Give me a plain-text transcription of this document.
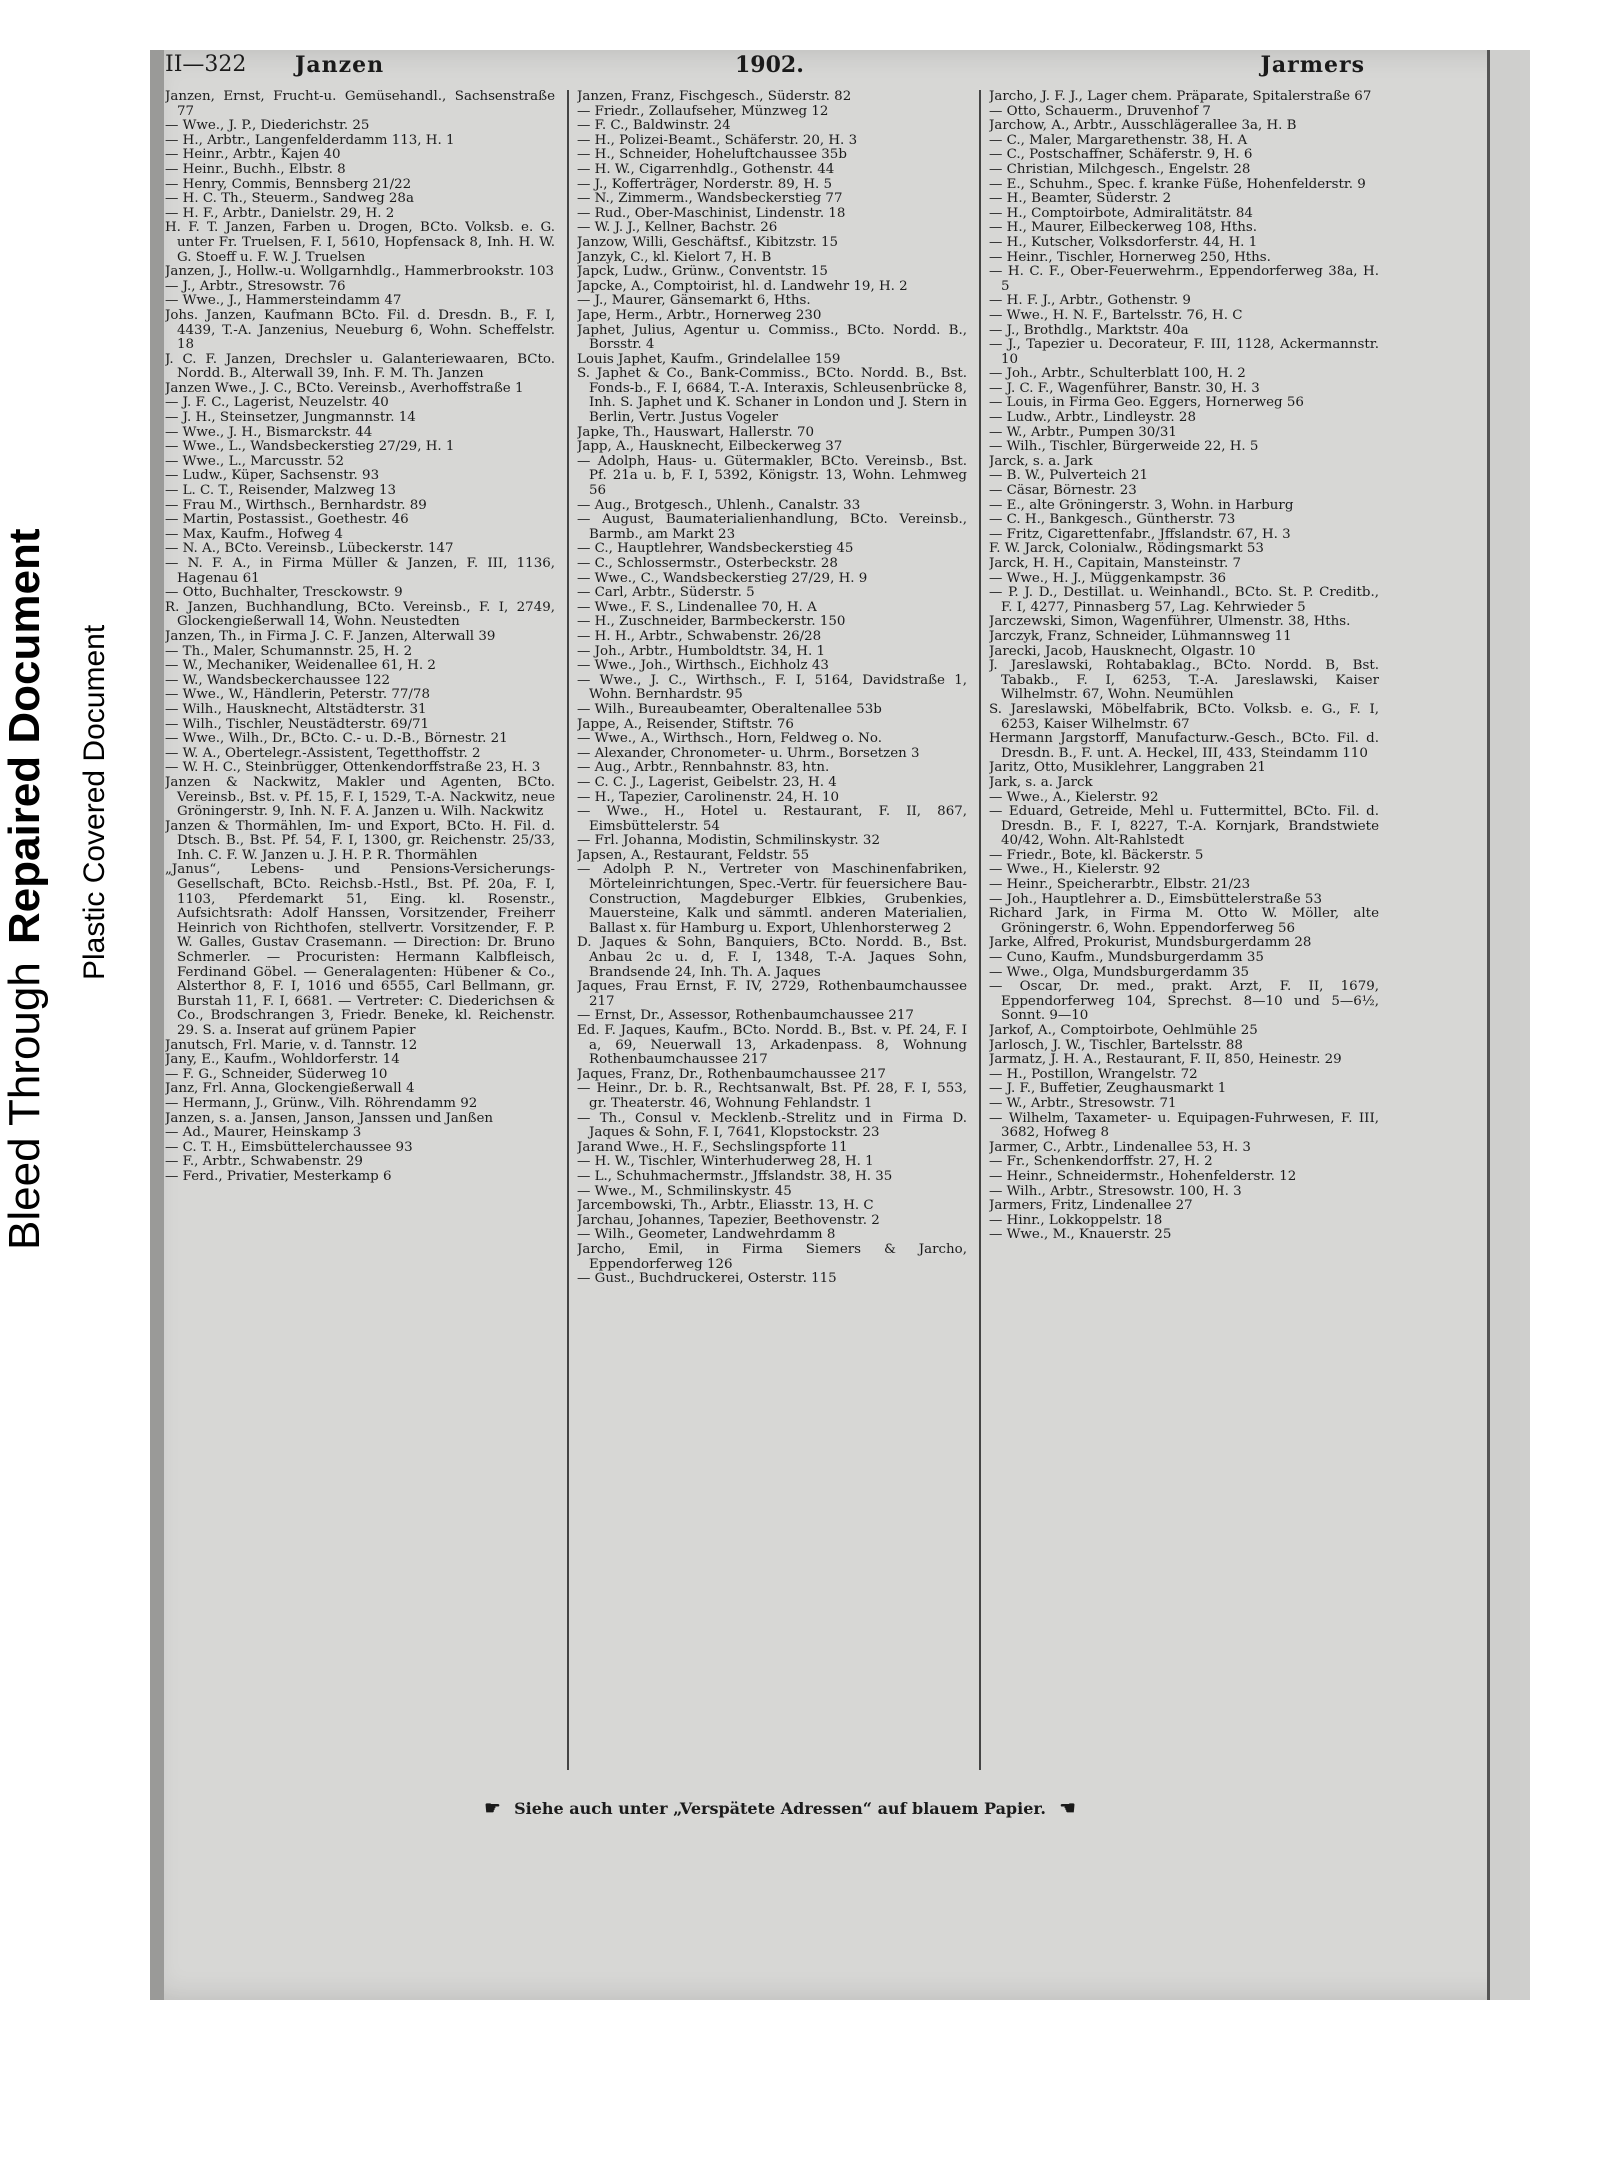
Bleed ThroughRepaired Document Plastic Covered Document
II—322 Janzen	1902.	Jarmers

Janzen, Ernst, Frucht-u. Gemüsehandl., Sachsenstraße 77

— Wwe., J. P., Diederichstr. 25

— H., Arbtr., Langenfelderdamm 113, H. 1

— Heinr., Arbtr., Kajen 40

— Heinr., Buchh., Elbstr. 8

— Henry, Commis, Bennsberg 21/22

— H. C. Th., Steuerm., Sandweg 28a

— H. F., Arbtr., Danielstr. 29, H. 2

H. F. T. Janzen, Farben u. Drogen, BCto. Volksb. e. G. unter Fr. Truelsen, F. I, 5610, Hopfensack 8, Inh. H. W. G. Stoeff u. F. W. J. Truelsen

Janzen, J., Hollw.-u. Wollgarnhdlg., Hammerbrookstr. 103

— J., Arbtr., Stresowstr. 76

— Wwe., J., Hammersteindamm 47

Johs. Janzen, Kaufmann BCto. Fil. d. Dresdn. B., F. I, 4439, T.-A. Janzenius, Neueburg 6, Wohn. Scheffelstr. 18

J. C. F. Janzen, Drechsler u. Galanteriewaaren, BCto. Nordd. B., Alterwall 39, Inh. F. M. Th. Janzen

Janzen Wwe., J. C., BCto. Vereinsb., Averhoffstraße 1

— J. F. C., Lagerist, Neuzelstr. 40

— J. H., Steinsetzer, Jungmannstr. 14

— Wwe., J. H., Bismarckstr. 44

— Wwe., L., Wandsbeckerstieg 27/29, H. 1

— Wwe., L., Marcusstr. 52

— Ludw., Küper, Sachsenstr. 93

— L. C. T., Reisender, Malzweg 13

— Frau M., Wirthsch., Bernhardstr. 89

— Martin, Postassist., Goethestr. 46

— Max, Kaufm., Hofweg 4

— N. A., BCto. Vereinsb., Lübeckerstr. 147

— N. F. A., in Firma Müller & Janzen, F. III, 1136, Hagenau 61

— Otto, Buchhalter, Tresckowstr. 9

R. Janzen, Buchhandlung, BCto. Vereinsb., F. I, 2749, Glockengießerwall 14, Wohn. Neustedten

Janzen, Th., in Firma J. C. F. Janzen, Alterwall 39

— Th., Maler, Schumannstr. 25, H. 2

— W., Mechaniker, Weidenallee 61, H. 2

— W., Wandsbeckerchaussee 122

— Wwe., W., Händlerin, Peterstr. 77/78

— Wilh., Hausknecht, Altstädterstr. 31

— Wilh., Tischler, Neustädterstr. 69/71

— Wwe., Wilh., Dr., BCto. C.- u. D.-B., Börnestr. 21

— W. A., Obertelegr.-Assistent, Tegetthoffstr. 2

— W. H. C., Steinbrügger, Ottenkendorffstraße 23, H. 3

Janzen & Nackwitz, Makler und Agenten, BCto. Vereinsb., Bst. v. Pf. 15, F. I, 1529, T.-A. Nackwitz, neue Gröningerstr. 9, Inh. N. F. A. Janzen u. Wilh. Nackwitz

Janzen & Thormählen, Im- und Export, BCto. H. Fil. d. Dtsch. B., Bst. Pf. 54, F. I, 1300, gr. Reichenstr. 25/33, Inh. C. F. W. Janzen u. J. H. P. R. Thormählen

„Janus“, Lebens- und Pensions-Versicherungs-Gesellschaft, BCto. Reichsb.-Hstl., Bst. Pf. 20a, F. I, 1103, Pferdemarkt 51, Eing. kl. Rosenstr., Aufsichtsrath: Adolf Hanssen, Vorsitzender, Freiherr Heinrich von Richthofen, stellvertr. Vorsitzender, F. P. W. Galles, Gustav Crasemann. — Direction: Dr. Bruno Schmerler. — Procuristen: Hermann Kalbfleisch, Ferdinand Göbel. — Generalagenten: Hübener & Co., Alsterthor 8, F. I, 1016 und 6555, Carl Bellmann, gr. Burstah 11, F. I, 6681. — Vertreter: C. Diederichsen & Co., Brodschrangen 3, Friedr. Beneke, kl. Reichenstr. 29. S. a. Inserat auf grünem Papier

Janutsch, Frl. Marie, v. d. Tannstr. 12

Jany, E., Kaufm., Wohldorferstr. 14

— F. G., Schneider, Süderweg 10

Janz, Frl. Anna, Glockengießerwall 4

— Hermann, J., Grünw., Vilh. Röhrendamm 92

Janzen, s. a. Jansen, Janson, Janssen und Janßen

— Ad., Maurer, Heinskamp 3

— C. T. H., Eimsbüttelerchaussee 93

— F., Arbtr., Schwabenstr. 29

— Ferd., Privatier, Mesterkamp 6

Janzen, Franz, Fischgesch., Süderstr. 82

— Friedr., Zollaufseher, Münzweg 12

— F. C., Baldwinstr. 24

— H., Polizei-Beamt., Schäferstr. 20, H. 3

— H., Schneider, Hoheluftchaussee 35b

— H. W., Cigarrenhdlg., Gothenstr. 44

— J., Kofferträger, Norderstr. 89, H. 5

— N., Zimmerm., Wandsbeckerstieg 77

— Rud., Ober-Maschinist, Lindenstr. 18

— W. J. J., Kellner, Bachstr. 26

Janzow, Willi, Geschäftsf., Kibitzstr. 15

Janzyk, C., kl. Kielort 7, H. B

Japck, Ludw., Grünw., Conventstr. 15

Japcke, A., Comptoirist, hl. d. Landwehr 19, H. 2

— J., Maurer, Gänsemarkt 6, Hths.

Jape, Herm., Arbtr., Hornerweg 230

Japhet, Julius, Agentur u. Commiss., BCto. Nordd. B., Borsstr. 4

Louis Japhet, Kaufm., Grindelallee 159

S. Japhet & Co., Bank-Commiss., BCto. Nordd. B., Bst. Fonds-b., F. I, 6684, T.-A. Interaxis, Schleusenbrücke 8, Inh. S. Japhet und K. Schaner in London und J. Stern in Berlin, Vertr. Justus Vogeler

Japke, Th., Hauswart, Hallerstr. 70

Japp, A., Hausknecht, Eilbeckerweg 37

— Adolph, Haus- u. Gütermakler, BCto. Vereinsb., Bst. Pf. 21a u. b, F. I, 5392, Königstr. 13, Wohn. Lehmweg 56

— Aug., Brotgesch., Uhlenh., Canalstr. 33

— August, Baumaterialienhandlung, BCto. Vereinsb., Barmb., am Markt 23

— C., Hauptlehrer, Wandsbeckerstieg 45

— C., Schlossermstr., Osterbeckstr. 28

— Wwe., C., Wandsbeckerstieg 27/29, H. 9

— Carl, Arbtr., Süderstr. 5

— Wwe., F. S., Lindenallee 70, H. A

— H., Zuschneider, Barmbeckerstr. 150

— H. H., Arbtr., Schwabenstr. 26/28

— Joh., Arbtr., Humboldtstr. 34, H. 1

— Wwe., Joh., Wirthsch., Eichholz 43

— Wwe., J. C., Wirthsch., F. I, 5164, Davidstraße 1, Wohn. Bernhardstr. 95

— Wilh., Bureaubeamter, Oberaltenallee 53b

Jappe, A., Reisender, Stiftstr. 76

— Wwe., A., Wirthsch., Horn, Feldweg o. No.

— Alexander, Chronometer- u. Uhrm., Borsetzen 3

— Aug., Arbtr., Rennbahnstr. 83, htn.

— C. C. J., Lagerist, Geibelstr. 23, H. 4

— H., Tapezier, Carolinenstr. 24, H. 10

— Wwe., H., Hotel u. Restaurant, F. II, 867, Eimsbüttelerstr. 54

— Frl. Johanna, Modistin, Schmilinskystr. 32

Japsen, A., Restaurant, Feldstr. 55

— Adolph P. N., Vertreter von Maschinenfabriken, Mörteleinrichtungen, Spec.-Vertr. für feuersichere Bau-Construction, Magdeburger Elbkies, Grubenkies, Mauersteine, Kalk und sämmtl. anderen Materialien, Ballast x. für Hamburg u. Export, Uhlenhorsterweg 2

D. Jaques & Sohn, Banquiers, BCto. Nordd. B., Bst. Anbau 2c u. d, F. I, 1348, T.-A. Jaques Sohn, Brandsende 24, Inh. Th. A. Jaques

Jaques, Frau Ernst, F. IV, 2729, Rothenbaumchaussee 217

— Ernst, Dr., Assessor, Rothenbaumchaussee 217

Ed. F. Jaques, Kaufm., BCto. Nordd. B., Bst. v. Pf. 24, F. I a, 69, Neuerwall 13, Arkadenpass. 8, Wohnung Rothenbaumchaussee 217

Jaques, Franz, Dr., Rothenbaumchaussee 217

— Heinr., Dr. b. R., Rechtsanwalt, Bst. Pf. 28, F. I, 553, gr. Theaterstr. 46, Wohnung Fehlandstr. 1

— Th., Consul v. Mecklenb.-Strelitz und in Firma D. Jaques & Sohn, F. I, 7641, Klopstockstr. 23

Jarand Wwe., H. F., Sechslingspforte 11

— H. W., Tischler, Winterhuderweg 28, H. 1

— L., Schuhmachermstr., Jffslandstr. 38, H. 35

— Wwe., M., Schmilinskystr. 45

Jarcembowski, Th., Arbtr., Eliasstr. 13, H. C

Jarchau, Johannes, Tapezier, Beethovenstr. 2

— Wilh., Geometer, Landwehrdamm 8

Jarcho, Emil, in Firma Siemers & Jarcho, Eppendorferweg 126

— Gust., Buchdruckerei, Osterstr. 115

Jarcho, J. F. J., Lager chem. Präparate, Spitalerstraße 67

— Otto, Schauerm., Druvenhof 7

Jarchow, A., Arbtr., Ausschlägerallee 3a, H. B

— C., Maler, Margarethenstr. 38, H. A

— C., Postschaffner, Schäferstr. 9, H. 6

— Christian, Milchgesch., Engelstr. 28

— E., Schuhm., Spec. f. kranke Füße, Hohenfelderstr. 9

— H., Beamter, Süderstr. 2

— H., Comptoirbote, Admiralitätstr. 84

— H., Maurer, Eilbeckerweg 108, Hths.

— H., Kutscher, Volksdorferstr. 44, H. 1

— Heinr., Tischler, Hornerweg 250, Hths.

— H. C. F., Ober-Feuerwehrm., Eppendorferweg 38a, H. 5

— H. F. J., Arbtr., Gothenstr. 9

— Wwe., H. N. F., Bartelsstr. 76, H. C

— J., Brothdlg., Marktstr. 40a

— J., Tapezier u. Decorateur, F. III, 1128, Ackermannstr. 10

— Joh., Arbtr., Schulterblatt 100, H. 2

— J. C. F., Wagenführer, Banstr. 30, H. 3

— Louis, in Firma Geo. Eggers, Hornerweg 56

— Ludw., Arbtr., Lindleystr. 28

— W., Arbtr., Pumpen 30/31

— Wilh., Tischler, Bürgerweide 22, H. 5

Jarck, s. a. Jark

— B. W., Pulverteich 21

— Cäsar, Börnestr. 23

— E., alte Gröningerstr. 3, Wohn. in Harburg

— C. H., Bankgesch., Güntherstr. 73

— Fritz, Cigarettenfabr., Jffslandstr. 67, H. 3

F. W. Jarck, Colonialw., Rödingsmarkt 53

Jarck, H. H., Capitain, Mansteinstr. 7

— Wwe., H. J., Müggenkampstr. 36

— P. J. D., Destillat. u. Weinhandl., BCto. St. P. Creditb., F. I, 4277, Pinnasberg 57, Lag. Kehrwieder 5

Jarczewski, Simon, Wagenführer, Ulmenstr. 38, Hths.

Jarczyk, Franz, Schneider, Lühmannsweg 11

Jarecki, Jacob, Hausknecht, Olgastr. 10

J. Jareslawski, Rohtabaklag., BCto. Nordd. B, Bst. Tabakb., F. I, 6253, T.-A. Jareslawski, Kaiser Wilhelmstr. 67, Wohn. Neumühlen

S. Jareslawski, Möbelfabrik, BCto. Volksb. e. G., F. I, 6253, Kaiser Wilhelmstr. 67

Hermann Jargstorff, Manufacturw.-Gesch., BCto. Fil. d. Dresdn. B., F. unt. A. Heckel, III, 433, Steindamm 110

Jaritz, Otto, Musiklehrer, Langgraben 21

Jark, s. a. Jarck

— Wwe., A., Kielerstr. 92

— Eduard, Getreide, Mehl u. Futtermittel, BCto. Fil. d. Dresdn. B., F. I, 8227, T.-A. Kornjark, Brandstwiete 40/42, Wohn. Alt-Rahlstedt

— Friedr., Bote, kl. Bäckerstr. 5

— Wwe., H., Kielerstr. 92

— Heinr., Speicherarbtr., Elbstr. 21/23

— Joh., Hauptlehrer a. D., Eimsbüttelerstraße 53

Richard Jark, in Firma M. Otto W. Möller, alte Gröningerstr. 6, Wohn. Eppendorferweg 56

Jarke, Alfred, Prokurist, Mundsburgerdamm 28

— Cuno, Kaufm., Mundsburgerdamm 35

— Wwe., Olga, Mundsburgerdamm 35

— Oscar, Dr. med., prakt. Arzt, F. II, 1679, Eppendorferweg 104, Sprechst. 8—10 und 5—6½, Sonnt. 9—10

Jarkof, A., Comptoirbote, Oehlmühle 25

Jarlosch, J. W., Tischler, Bartelsstr. 88

Jarmatz, J. H. A., Restaurant, F. II, 850, Heinestr. 29

— H., Postillon, Wrangelstr. 72

— J. F., Buffetier, Zeughausmarkt 1

— W., Arbtr., Stresowstr. 71

— Wilhelm, Taxameter- u. Equipagen-Fuhrwesen, F. III, 3682, Hofweg 8

Jarmer, C., Arbtr., Lindenallee 53, H. 3

— Fr., Schenkendorffstr. 27, H. 2

— Heinr., Schneidermstr., Hohenfelderstr. 12

— Wilh., Arbtr., Stresowstr. 100, H. 3

Jarmers, Fritz, Lindenallee 27

— Hinr., Lokkoppelstr. 18

— Wwe., M., Knauerstr. 25

☛ Siehe auch unter „Verspätete Adressen“ auf blauem Papier. ☚
